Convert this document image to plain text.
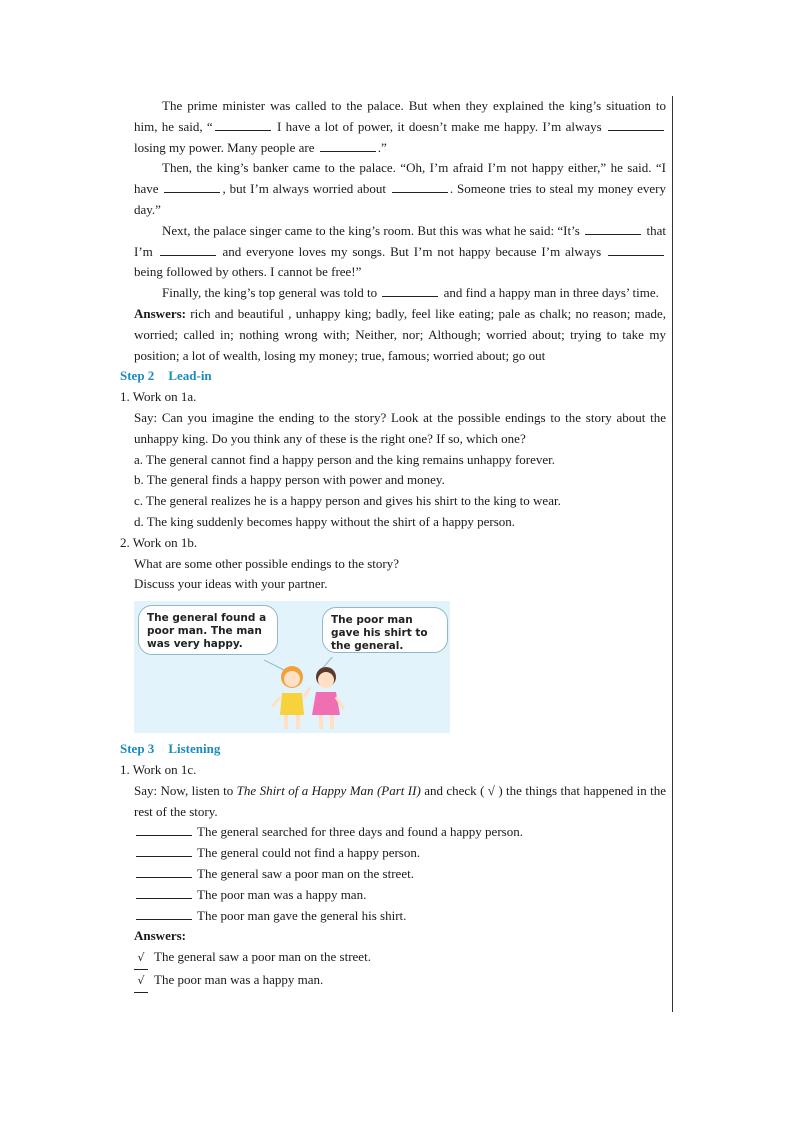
The prime minister was called to the palace. But when they explained the king’s situation to him, he said, “	I have a lot of power, it doesn’t make me happy. I’m always  losing my power. Many people are	.”
Then, the king’s banker came to the palace. “Oh, I’m afraid I’m not happy either,” he said. “I have	, but I’m always worried about	. Someone tries to steal my money every day.”
Next, the palace singer came to the king’s room. But this was what he said: “It’s	that I’m	and everyone loves my songs. But I’m not happy because I’m always  being followed by others. I cannot be free!”
Finally, the king’s top general was told to	and find a happy man in three days’ time.
Answers: rich and beautiful , unhappy king; badly, feel like eating; pale as chalk; no reason; made, worried; called in; nothing wrong with; Neither, nor; Although; worried about; trying to take my position; a lot of wealth, losing my money; true, famous; worried about; go out
Step 2 Lead-in
1. Work on 1a.
Say: Can you imagine the ending to the story? Look at the possible endings to the story about the unhappy king. Do you think any of these is the right one? If so, which one?
a. The general cannot find a happy person and the king remains unhappy forever.
b. The general finds a happy person with power and money.
c. The general realizes he is a happy person and gives his shirt to the king to wear.
d. The king suddenly becomes happy without the shirt of a happy person.
2. Work on 1b.
What are some other possible endings to the story?
Discuss your ideas with your partner.
The general found a poor man. The man was very happy.
The poor man gave his shirt to the general.
Step 3 Listening
1. Work on 1c.
Say: Now, listen to The Shirt of a Happy Man (Part II) and check ( √ ) the things that happened in the rest of the story.
The general searched for three days and found a happy person.
The general could not find a happy person.
The general saw a poor man on the street.
The poor man was a happy man.
The poor man gave the general his shirt.
Answers:
√ The general saw a poor man on the street.
√ The poor man was a happy man.
